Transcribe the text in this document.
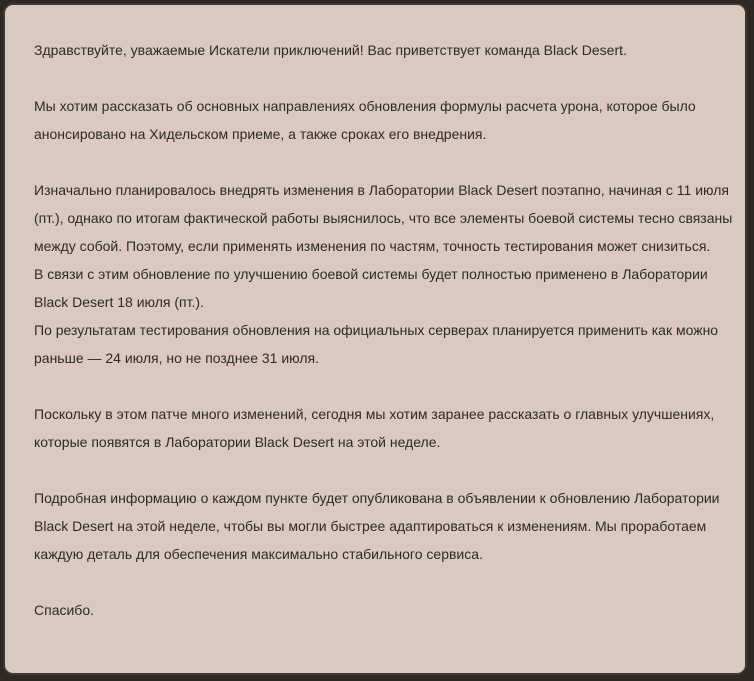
Здравствуйте, уважаемые Искатели приключений! Вас приветствует команда Black Desert.

Мы хотим рассказать об основных направлениях обновления формулы расчета урона, которое было анонсировано на Хидельском приеме, а также сроках его внедрения.

Изначально планировалось внедрять изменения в Лаборатории Black Desert поэтапно, начиная с 11 июля (пт.), однако по итогам фактической работы выяснилось, что все элементы боевой системы тесно связаны между собой. Поэтому, если применять изменения по частям, точность тестирования может снизиться.

В связи с этим обновление по улучшению боевой системы будет полностью применено в Лаборатории Black Desert 18 июля (пт.).

По результатам тестирования обновления на официальных серверах планируется применить как можно раньше — 24 июля, но не позднее 31 июля.

Поскольку в этом патче много изменений, сегодня мы хотим заранее рассказать о главных улучшениях, которые появятся в Лаборатории Black Desert на этой неделе.

Подробная информацию о каждом пункте будет опубликована в объявлении к обновлению Лаборатории Black Desert на этой неделе, чтобы вы могли быстрее адаптироваться к изменениям. Мы проработаем каждую деталь для обеспечения максимально стабильного сервиса.

Спасибо.
